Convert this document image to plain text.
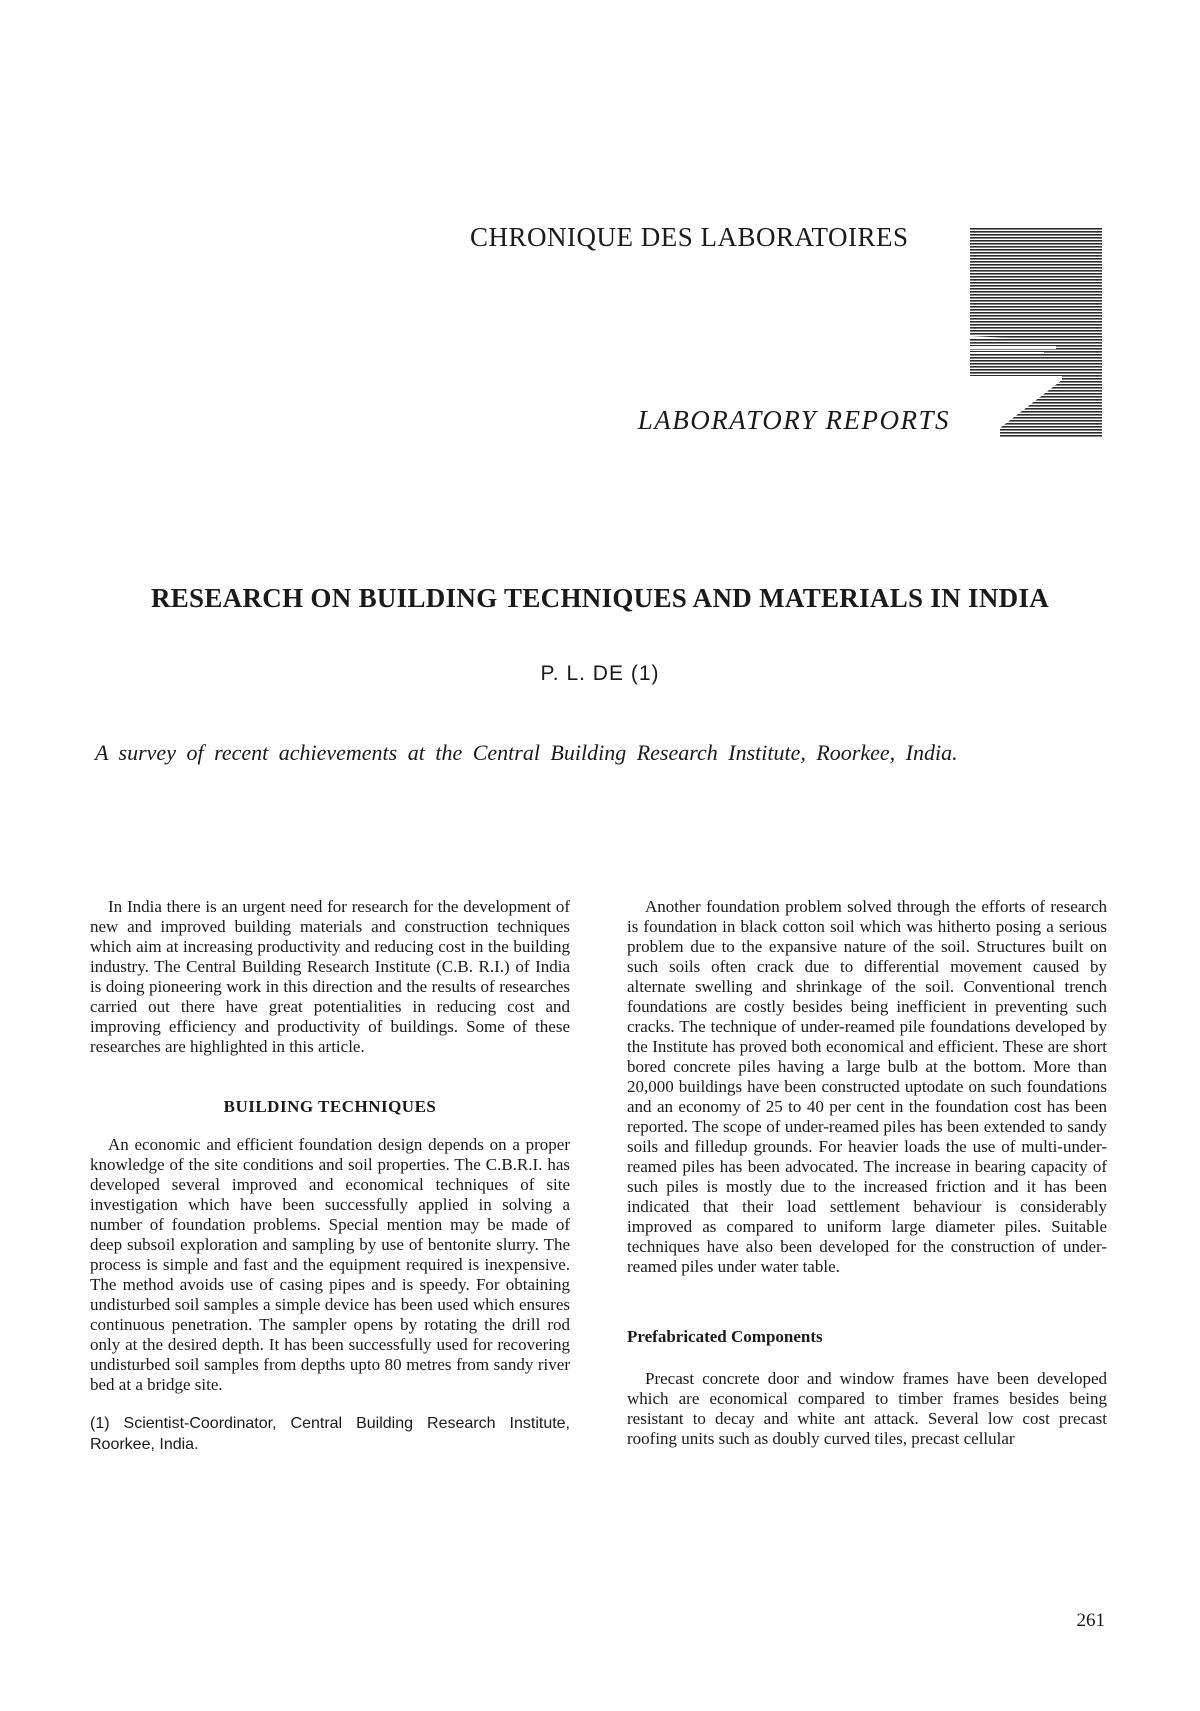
CHRONIQUE DES LABORATOIRES
LABORATORY REPORTS
RESEARCH ON BUILDING TECHNIQUES AND MATERIALS IN INDIA
P. L. DE (1)
A survey of recent achievements at the Central Building Research Institute, Roorkee, India.

In India there is an urgent need for research for the development of new and improved building materials and construction techniques which aim at increasing productivity and reducing cost in the building industry. The Central Building Research Institute (C.B. R.I.) of India is doing pioneering work in this direction and the results of researches carried out there have great potentialities in reducing cost and improving efficiency and productivity of buildings. Some of these researches are highlighted in this article.

BUILDING TECHNIQUES

An economic and efficient foundation design depends on a proper knowledge of the site conditions and soil properties. The C.B.R.I. has developed several improved and economical techniques of site investigation which have been successfully applied in solving a number of foundation problems. Special mention may be made of deep subsoil exploration and sampling by use of bentonite slurry. The process is simple and fast and the equipment required is inexpensive. The method avoids use of casing pipes and is speedy. For obtaining undisturbed soil samples a simple device has been used which ensures continuous penetration. The sampler opens by rotating the drill rod only at the desired depth. It has been successfully used for recovering undisturbed soil samples from depths upto 80 metres from sandy river bed at a bridge site.

(1) Scientist-Coordinator, Central Building Research Institute, Roorkee, India.

Another foundation problem solved through the efforts of research is foundation in black cotton soil which was hitherto posing a serious problem due to the expansive nature of the soil. Structures built on such soils often crack due to differential movement caused by alternate swelling and shrinkage of the soil. Conventional trench foundations are costly besides being inefficient in preventing such cracks. The technique of under-reamed pile foundations developed by the Institute has proved both economical and efficient. These are short bored concrete piles having a large bulb at the bottom. More than 20,000 buildings have been constructed uptodate on such foundations and an economy of 25 to 40 per cent in the foundation cost has been reported. The scope of under-reamed piles has been extended to sandy soils and filledup grounds. For heavier loads the use of multi-under-reamed piles has been advocated. The increase in bearing capacity of such piles is mostly due to the increased friction and it has been indicated that their load settlement behaviour is considerably improved as compared to uniform large diameter piles. Suitable techniques have also been developed for the construction of under-reamed piles under water table.

Prefabricated Components

Precast concrete door and window frames have been developed which are economical compared to timber frames besides being resistant to decay and white ant attack. Several low cost precast roofing units such as doubly curved tiles, precast cellular

261
